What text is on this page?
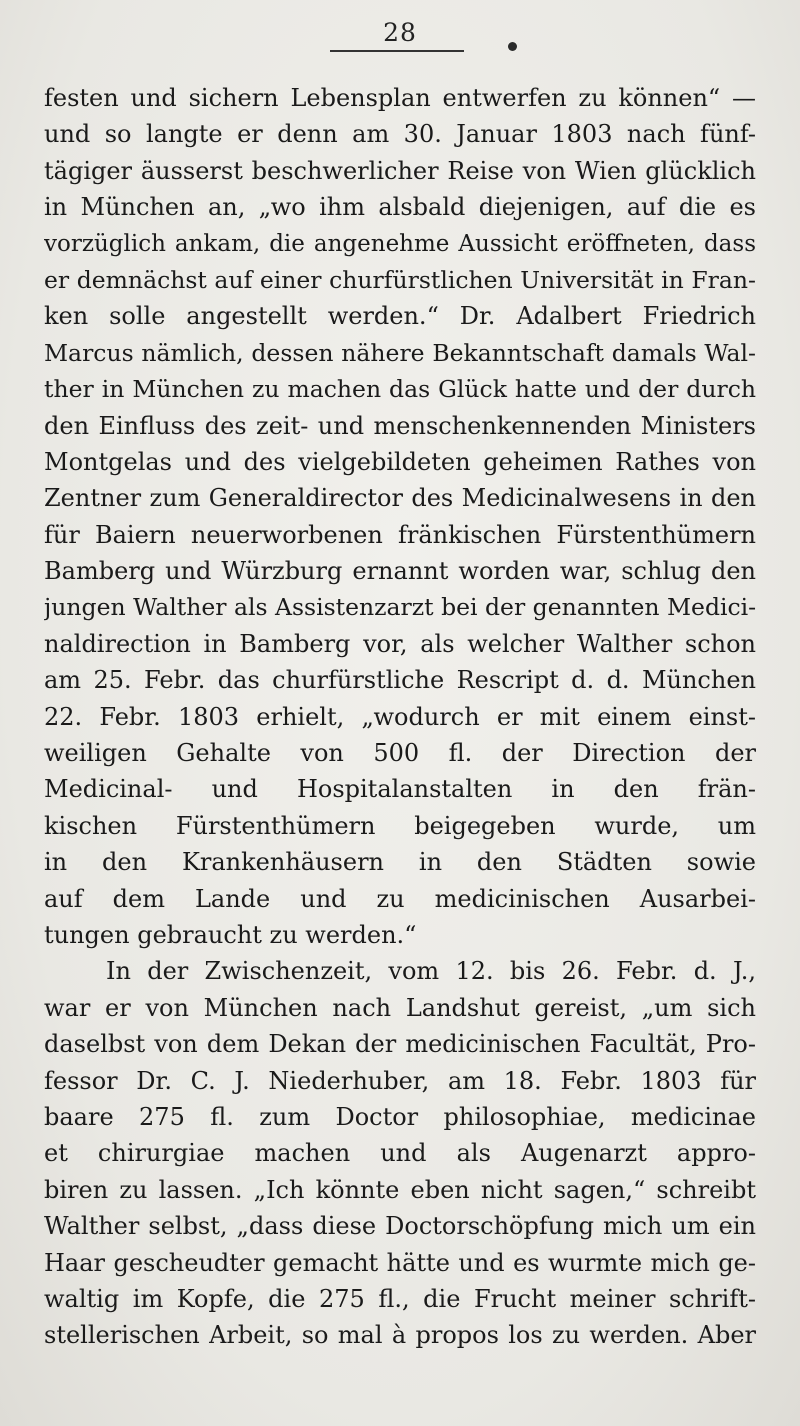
28
festen und sichern Lebensplan entwerfen zu können“ —
und so langte er denn am 30. Januar 1803 nach fünf-
tägiger äusserst beschwerlicher Reise von Wien glücklich
in München an, „wo ihm alsbald diejenigen, auf die es
vorzüglich ankam, die angenehme Aussicht eröffneten, dass
er demnächst auf einer churfürstlichen Universität in Fran-
ken solle angestellt werden.“ Dr. Adalbert Friedrich
Marcus nämlich, dessen nähere Bekanntschaft damals Wal-
ther in München zu machen das Glück hatte und der durch
den Einfluss des zeit- und menschenkennenden Ministers
Montgelas und des vielgebildeten geheimen Rathes von
Zentner zum Generaldirector des Medicinalwesens in den
für Baiern neuerworbenen fränkischen Fürstenthümern
Bamberg und Würzburg ernannt worden war, schlug den
jungen Walther als Assistenzarzt bei der genannten Medici-
naldirection in Bamberg vor, als welcher Walther schon
am 25. Febr. das churfürstliche Rescript d. d. München
22. Febr. 1803 erhielt, „wodurch er mit einem einst-
weiligen Gehalte von 500 fl. der Direction der
Medicinal- und Hospitalanstalten in den frän-
kischen Fürstenthümern beigegeben wurde, um
in den Krankenhäusern in den Städten sowie
auf dem Lande und zu medicinischen Ausarbei-
tungen gebraucht zu werden.“
In der Zwischenzeit, vom 12. bis 26. Febr. d. J.,
war er von München nach Landshut gereist, „um sich
daselbst von dem Dekan der medicinischen Facultät, Pro-
fessor Dr. C. J. Niederhuber, am 18. Febr. 1803 für
baare 275 fl. zum Doctor philosophiae, medicinae
et chirurgiae machen und als Augenarzt appro-
biren zu lassen. „Ich könnte eben nicht sagen,“ schreibt
Walther selbst, „dass diese Doctorschöpfung mich um ein
Haar gescheudter gemacht hätte und es wurmte mich ge-
waltig im Kopfe, die 275 fl., die Frucht meiner schrift-
stellerischen Arbeit, so mal à propos los zu werden. Aber
